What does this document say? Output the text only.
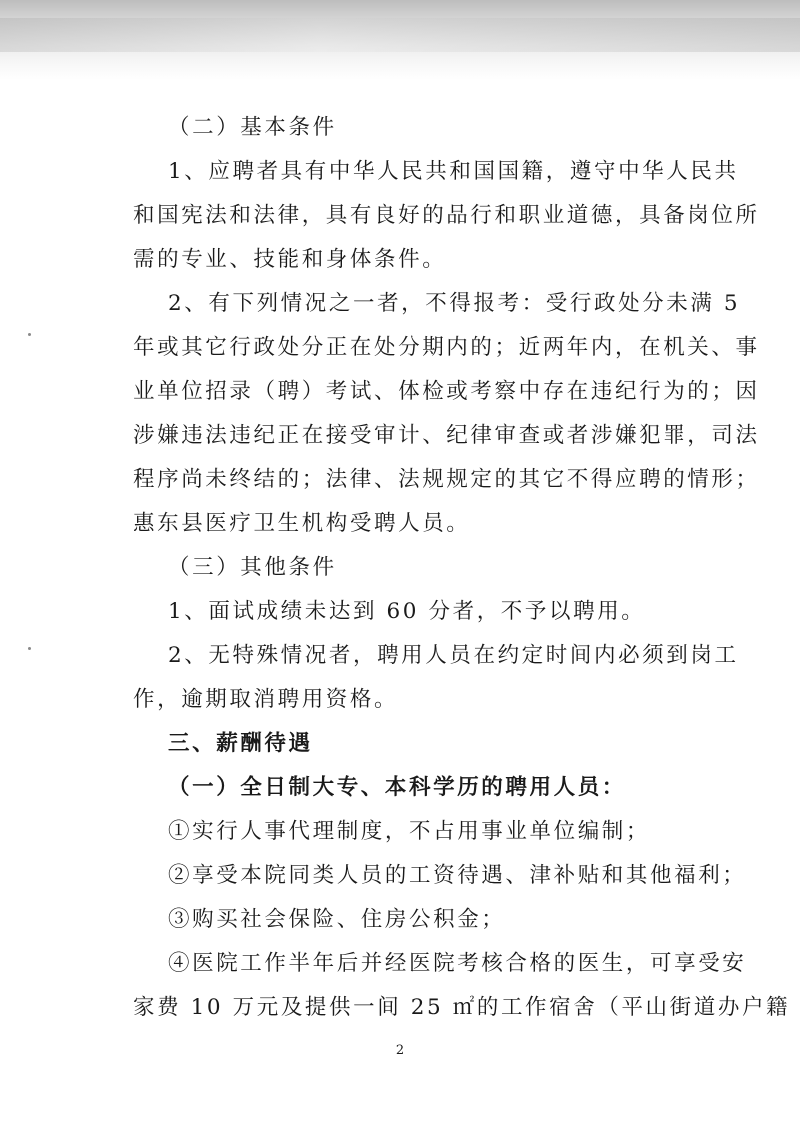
（二）基本条件
1、应聘者具有中华人民共和国国籍，遵守中华人民共
和国宪法和法律，具有良好的品行和职业道德，具备岗位所
需的专业、技能和身体条件。
2、有下列情况之一者，不得报考：受行政处分未满 5
年或其它行政处分正在处分期内的；近两年内，在机关、事
业单位招录（聘）考试、体检或考察中存在违纪行为的；因
涉嫌违法违纪正在接受审计、纪律审查或者涉嫌犯罪，司法
程序尚未终结的；法律、法规规定的其它不得应聘的情形；
惠东县医疗卫生机构受聘人员。
（三）其他条件
1、面试成绩未达到 60 分者，不予以聘用。
2、无特殊情况者，聘用人员在约定时间内必须到岗工
作，逾期取消聘用资格。
三、薪酬待遇
（一）全日制大专、本科学历的聘用人员：
①实行人事代理制度，不占用事业单位编制；
②享受本院同类人员的工资待遇、津补贴和其他福利；
③购买社会保险、住房公积金；
④医院工作半年后并经医院考核合格的医生，可享受安
家费 10 万元及提供一间 25 ㎡的工作宿舍（平山街道办户籍
2
